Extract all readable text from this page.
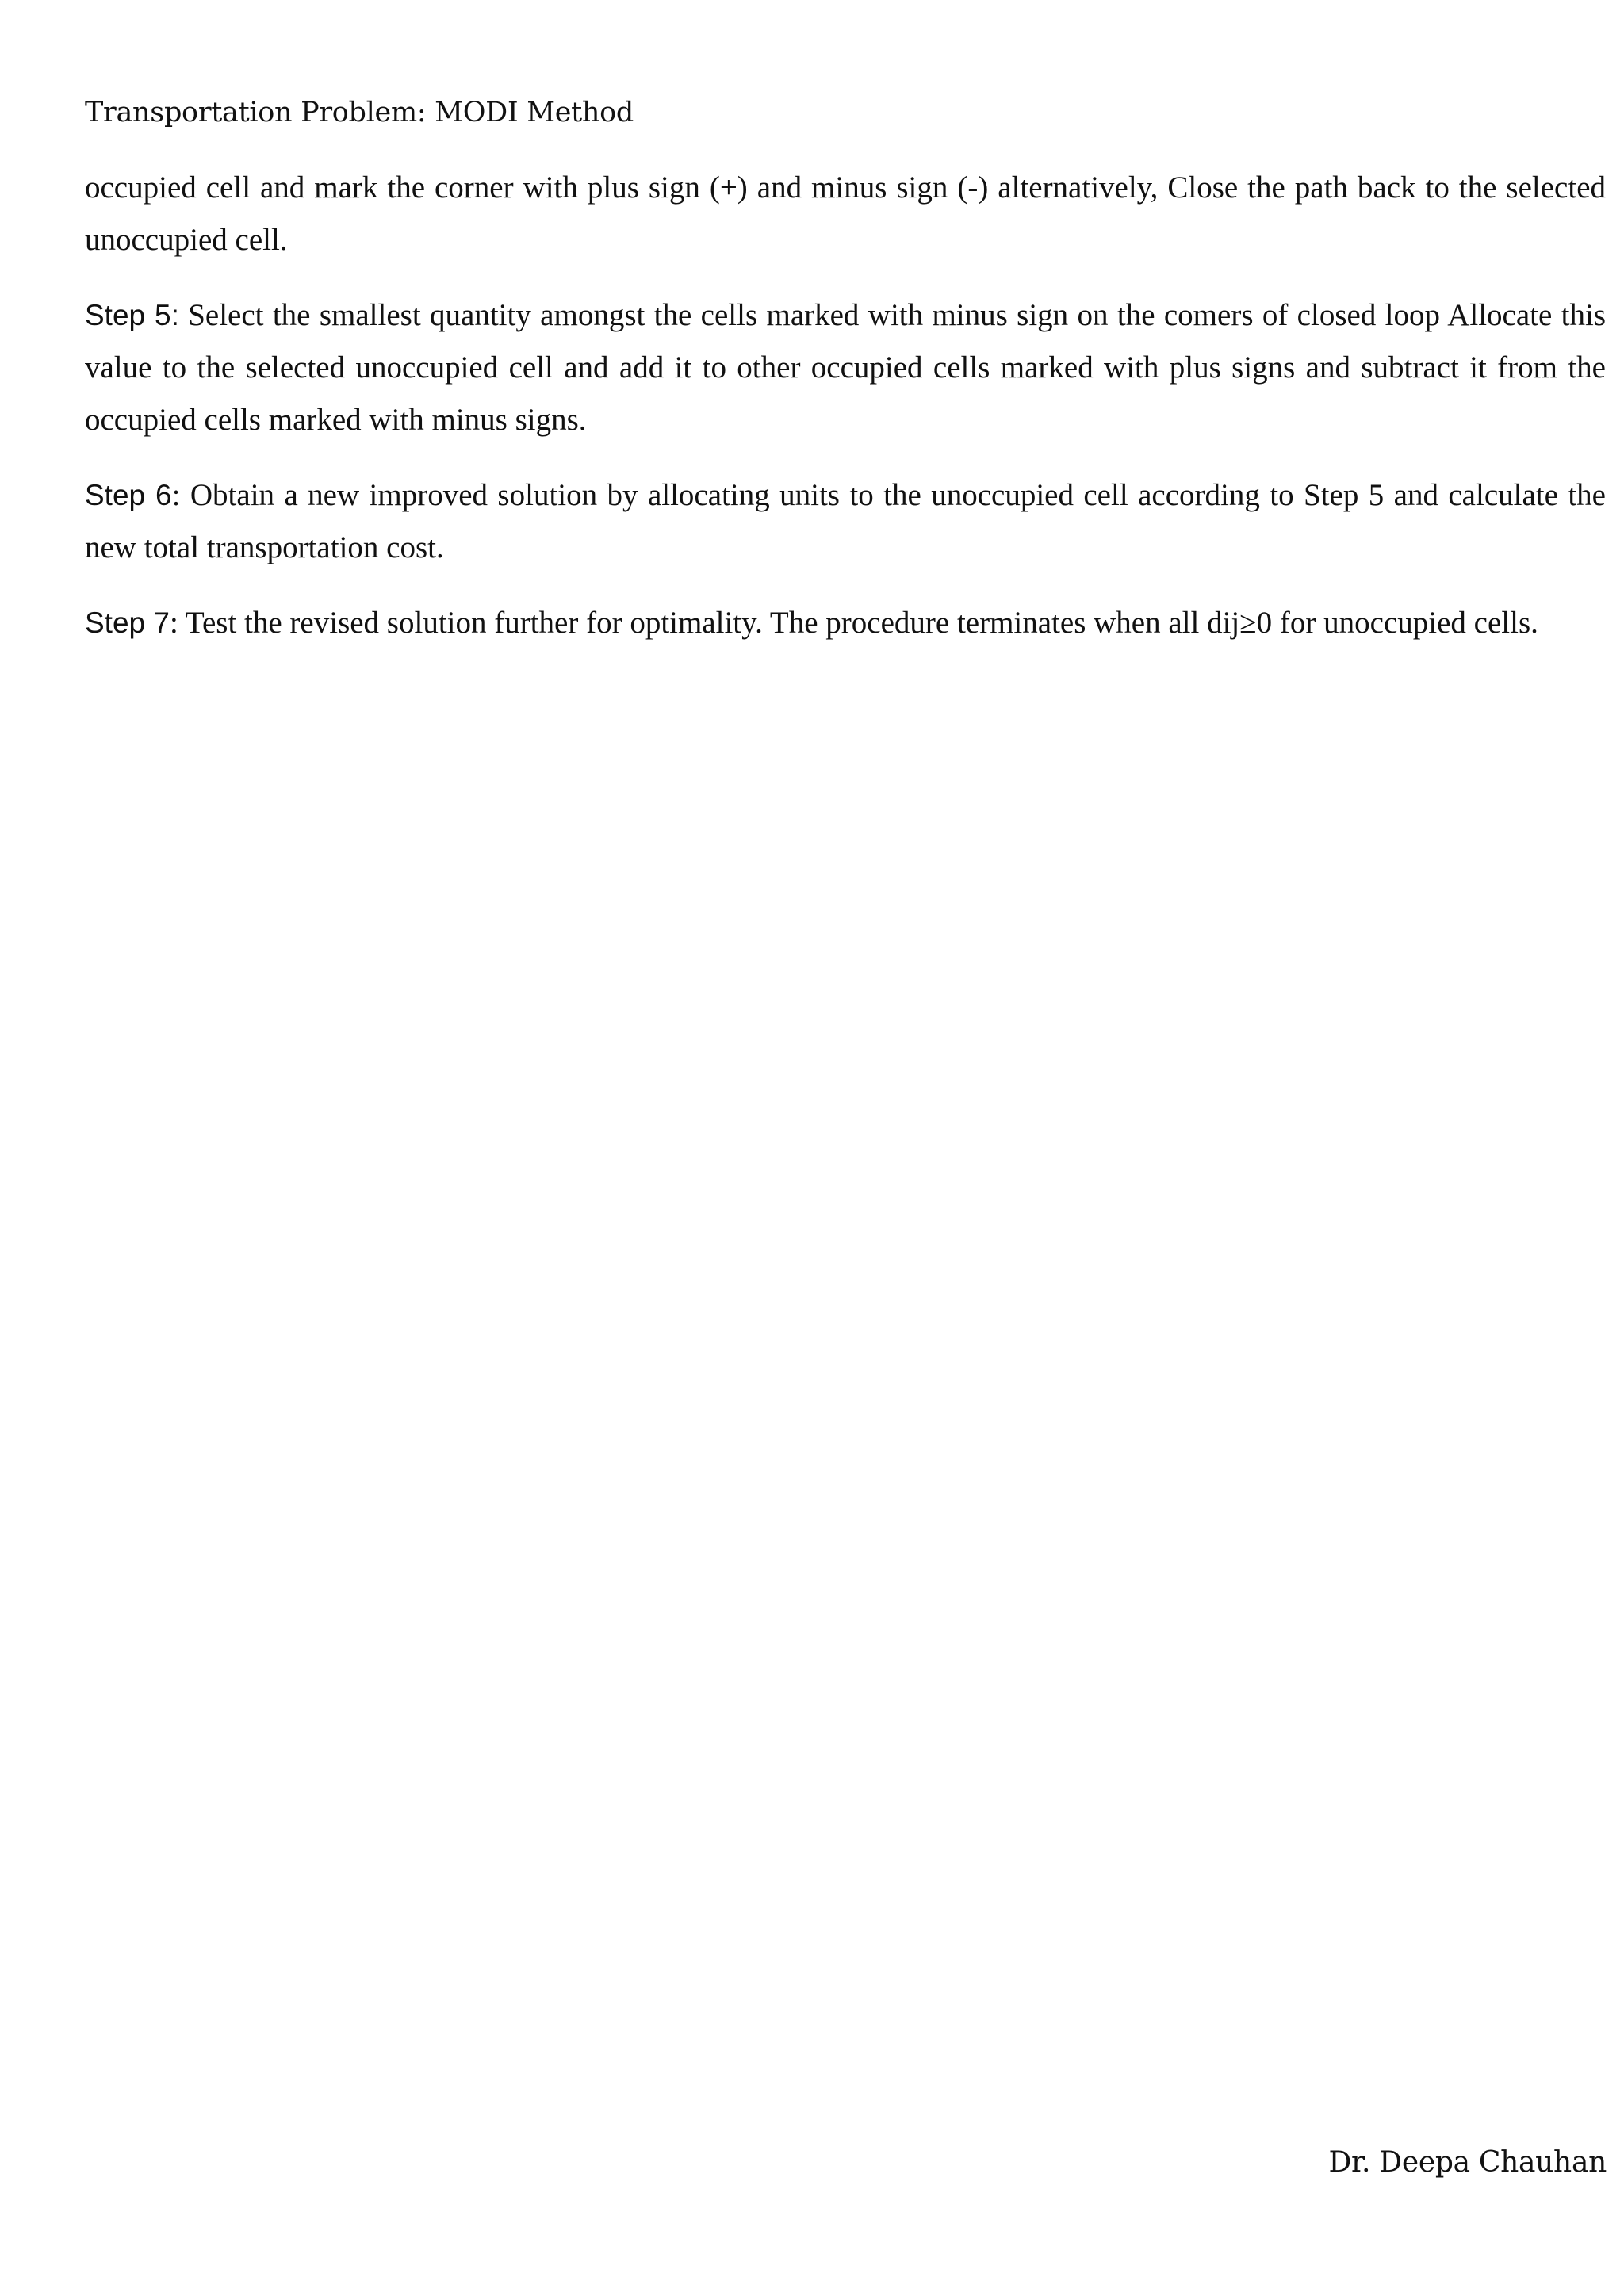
Transportation Problem: MODI Method

occupied cell and mark the corner with plus sign (+) and minus sign (-) alternatively, Close the path back to the selected unoccupied cell.

Step 5: Select the smallest quantity amongst the cells marked with minus sign on the comers of closed loop Allocate this value to the selected unoccupied cell and add it to other occupied cells marked with plus signs and subtract it from the occupied cells marked with minus signs.

Step 6: Obtain a new improved solution by allocating units to the unoccupied cell according to Step 5 and calculate the new total transportation cost.

Step 7: Test the revised solution further for optimality. The procedure terminates when all dij≥0 for unoccupied cells.

Dr. Deepa Chauhan
